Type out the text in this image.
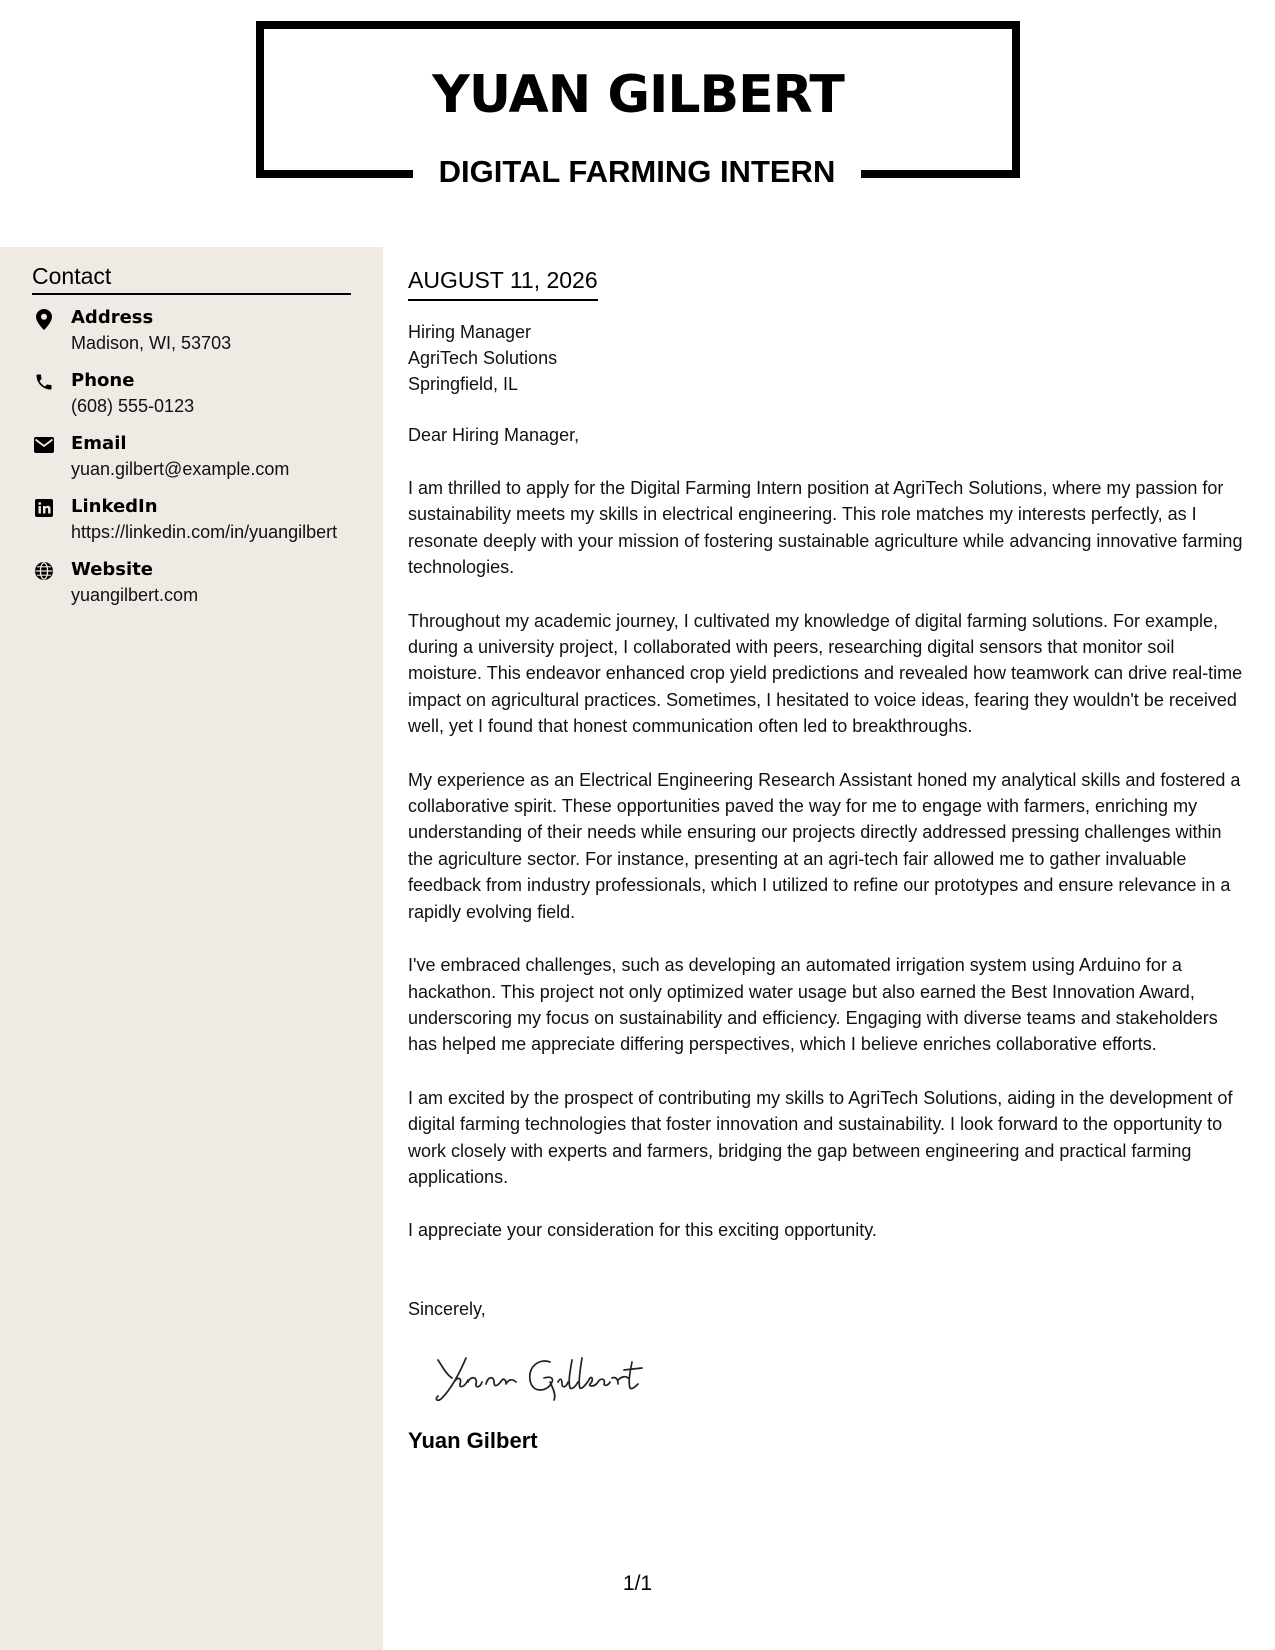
YUAN GILBERT
DIGITAL FARMING INTERN
Contact
Address
Madison, WI, 53703
Phone
(608) 555-0123
Email
yuan.gilbert@example.com
LinkedIn
https://linkedin.com/in/yuangilbert
Website
yuangilbert.com
AUGUST 11, 2026
Hiring Manager
AgriTech Solutions
Springfield, IL

Dear Hiring Manager,

I am thrilled to apply for the Digital Farming Intern position at AgriTech Solutions, where my passion for sustainability meets my skills in electrical engineering. This role matches my interests perfectly, as I resonate deeply with your mission of fostering sustainable agriculture while advancing innovative farming technologies.

Throughout my academic journey, I cultivated my knowledge of digital farming solutions. For example, during a university project, I collaborated with peers, researching digital sensors that monitor soil moisture. This endeavor enhanced crop yield predictions and revealed how teamwork can drive real-time impact on agricultural practices. Sometimes, I hesitated to voice ideas, fearing they wouldn't be received well, yet I found that honest communication often led to breakthroughs.

My experience as an Electrical Engineering Research Assistant honed my analytical skills and fostered a collaborative spirit. These opportunities paved the way for me to engage with farmers, enriching my understanding of their needs while ensuring our projects directly addressed pressing challenges within the agriculture sector. For instance, presenting at an agri-tech fair allowed me to gather invaluable feedback from industry professionals, which I utilized to refine our prototypes and ensure relevance in a rapidly evolving field.

I've embraced challenges, such as developing an automated irrigation system using Arduino for a hackathon. This project not only optimized water usage but also earned the Best Innovation Award, underscoring my focus on sustainability and efficiency. Engaging with diverse teams and stakeholders has helped me appreciate differing perspectives, which I believe enriches collaborative efforts.

I am excited by the prospect of contributing my skills to AgriTech Solutions, aiding in the development of digital farming technologies that foster innovation and sustainability. I look forward to the opportunity to work closely with experts and farmers, bridging the gap between engineering and practical farming applications.

I appreciate your consideration for this exciting opportunity.

Sincerely,

Yuan Gilbert

1/1
